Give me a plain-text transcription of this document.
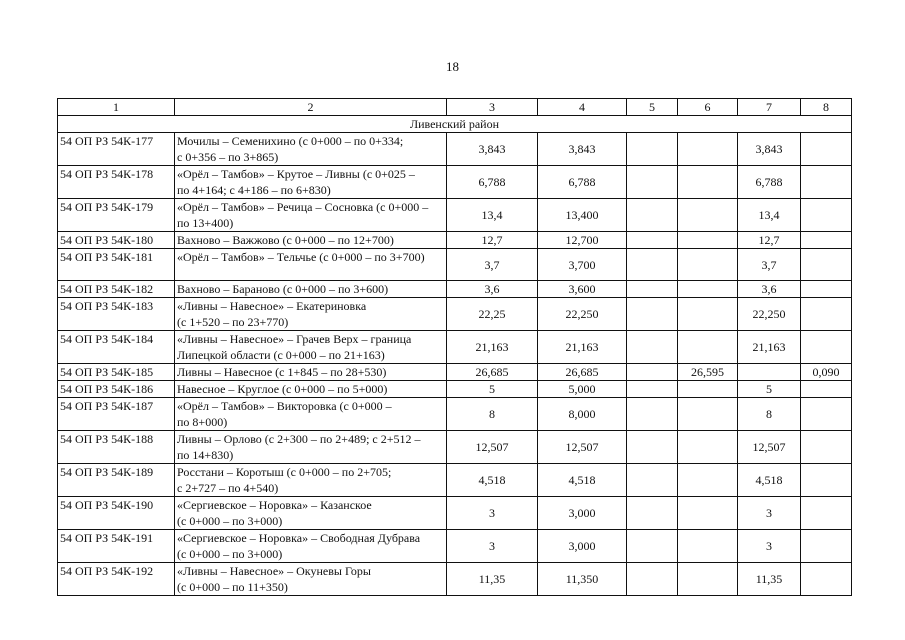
18
1	2	3	4	5	6	7	8
Ливенский район							
54 ОП РЗ 54К-177	Мочилы – Семенихино (с 0+000 – по 0+334;
с 0+356 – по 3+865)	3,843	3,843			3,843	
54 ОП РЗ 54К-178	«Орёл – Тамбов» – Крутое – Ливны (с 0+025 –
по 4+164; с 4+186 – по 6+830)	6,788	6,788			6,788	
54 ОП РЗ 54К-179	«Орёл – Тамбов» – Речица – Сосновка (с 0+000 –
по 13+400)	13,4	13,400			13,4	
54 ОП РЗ 54К-180	Вахново – Важжово (с 0+000 – по 12+700)	12,7	12,700			12,7	
54 ОП РЗ 54К-181	«Орёл – Тамбов» – Тельчье (с 0+000 – по 3+700)	3,7	3,700			3,7	
54 ОП РЗ 54К-182	Вахново – Бараново (с 0+000 – по 3+600)	3,6	3,600			3,6	
54 ОП РЗ 54К-183	«Ливны – Навесное» – Екатериновка
(с 1+520 – по 23+770)	22,25	22,250			22,250	
54 ОП РЗ 54К-184	«Ливны – Навесное» – Грачев Верх – граница
Липецкой области (с 0+000 – по 21+163)	21,163	21,163			21,163	
54 ОП РЗ 54К-185	Ливны – Навесное (с 1+845 – по 28+530)	26,685	26,685		26,595		0,090
54 ОП РЗ 54К-186	Навесное – Круглое (с 0+000 – по 5+000)	5	5,000			5	
54 ОП РЗ 54К-187	«Орёл – Тамбов» – Викторовка (с 0+000 –
по 8+000)	8	8,000			8	
54 ОП РЗ 54К-188	Ливны – Орлово (с 2+300 – по 2+489; с 2+512 –
по 14+830)	12,507	12,507			12,507	
54 ОП РЗ 54К-189	Росстани – Коротыш (с 0+000 – по 2+705;
с 2+727 – по 4+540)	4,518	4,518			4,518	
54 ОП РЗ 54К-190	«Сергиевское – Норовка» – Казанское
(с 0+000 – по 3+000)	3	3,000			3	
54 ОП РЗ 54К-191	«Сергиевское – Норовка» – Свободная Дубрава
(с 0+000 – по 3+000)	3	3,000			3	
54 ОП РЗ 54К-192	«Ливны – Навесное» – Окуневы Горы
(с 0+000 – по 11+350)	11,35	11,350			11,35	
